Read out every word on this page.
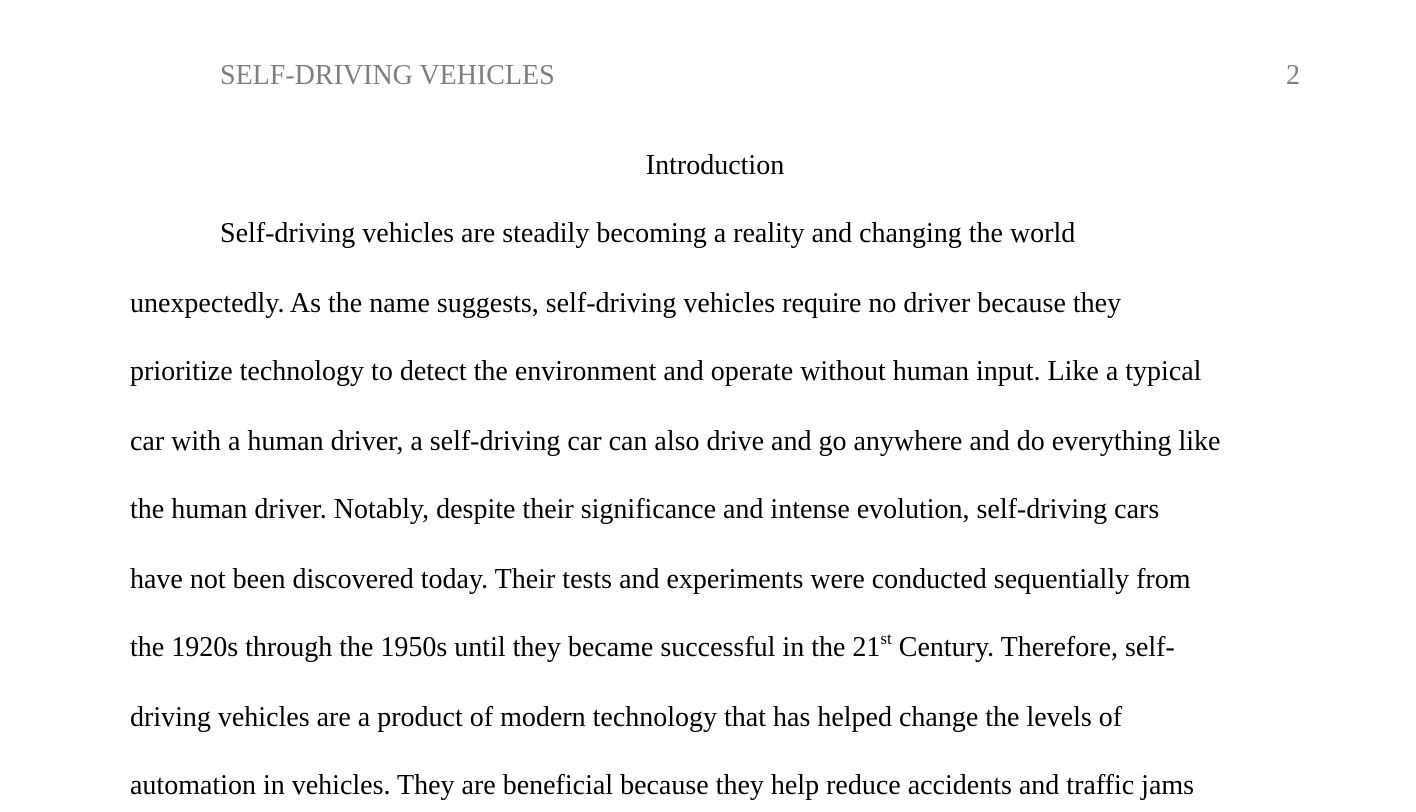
SELF-DRIVING VEHICLES	2
Introduction
Self-driving vehicles are steadily becoming a reality and changing the world
unexpectedly. As the name suggests, self-driving vehicles require no driver because they
prioritize technology to detect the environment and operate without human input. Like a typical
car with a human driver, a self-driving car can also drive and go anywhere and do everything like
the human driver. Notably, despite their significance and intense evolution, self-driving cars
have not been discovered today. Their tests and experiments were conducted sequentially from
the 1920s through the 1950s until they became successful in the 21st Century. Therefore, self-
driving vehicles are a product of modern technology that has helped change the levels of
automation in vehicles. They are beneficial because they help reduce accidents and traffic jams
